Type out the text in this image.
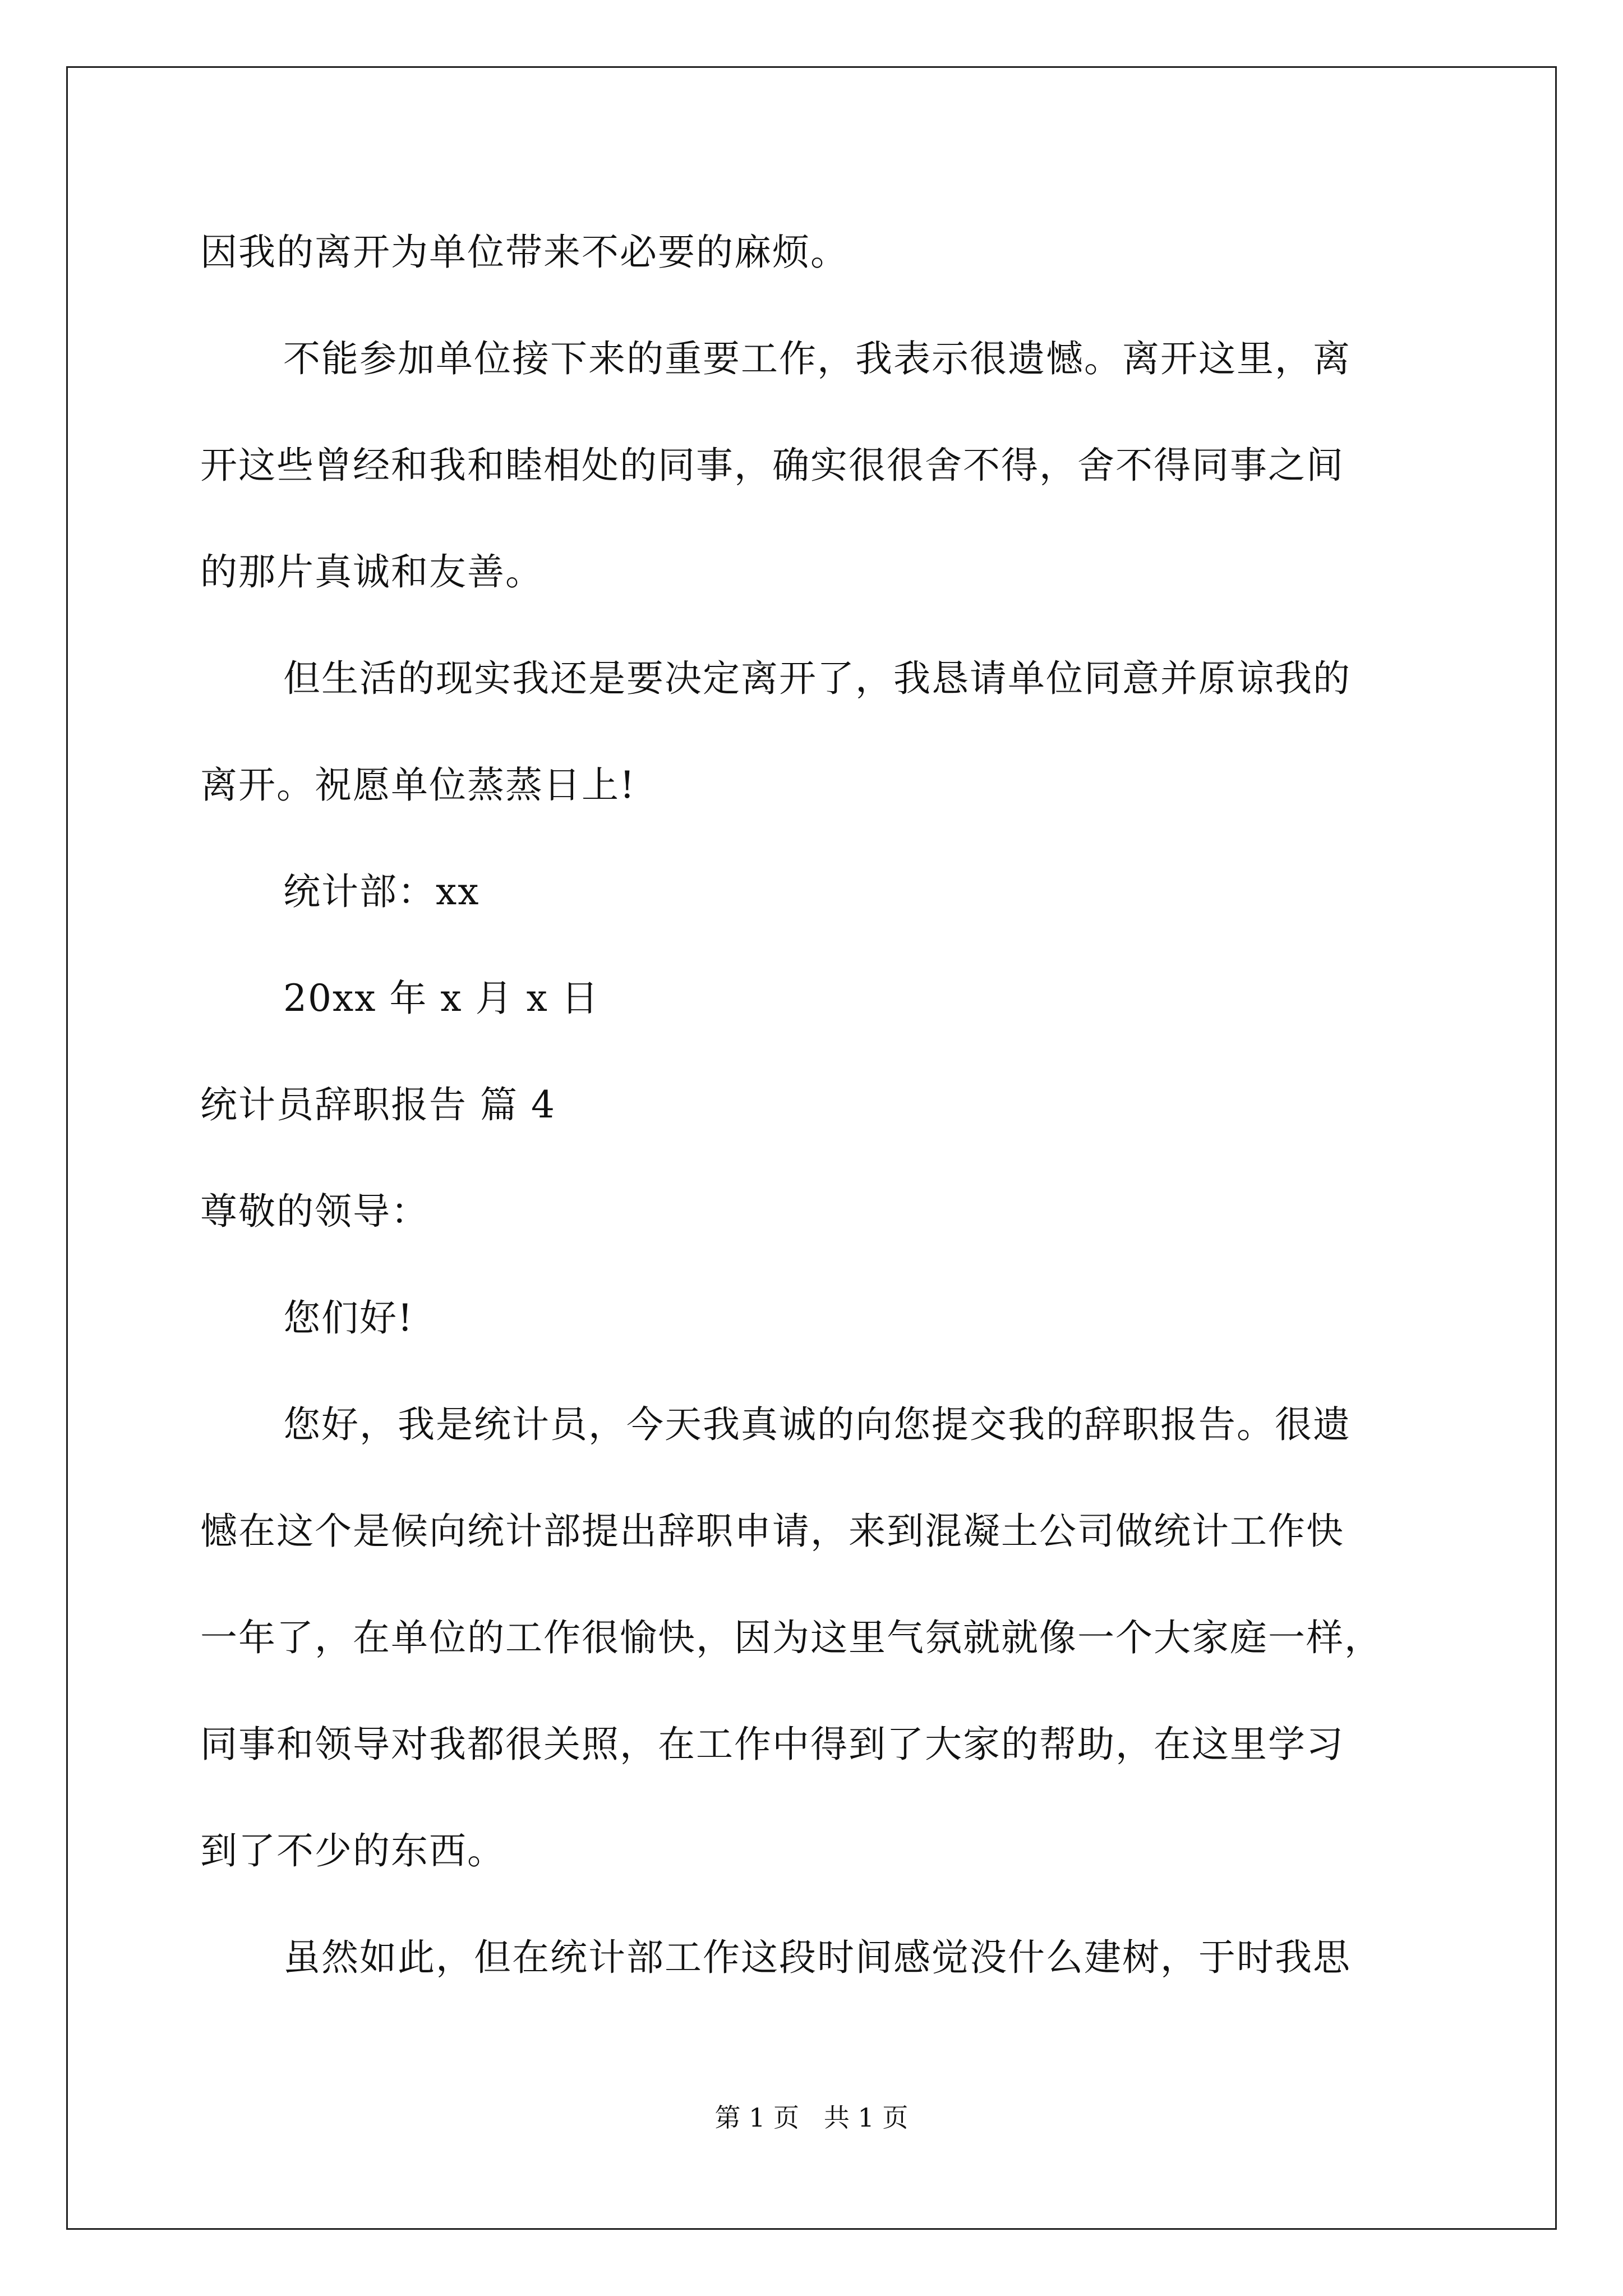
因我的离开为单位带来不必要的麻烦。
不能参加单位接下来的重要工作，我表示很遗憾。离开这里，离
开这些曾经和我和睦相处的同事，确实很很舍不得，舍不得同事之间
的那片真诚和友善。
但生活的现实我还是要决定离开了，我恳请单位同意并原谅我的
离开。祝愿单位蒸蒸日上!
统计部：xx
20xx 年 x 月 x 日
统计员辞职报告 篇 4
尊敬的领导：
您们好!
您好，我是统计员，今天我真诚的向您提交我的辞职报告。很遗
憾在这个是候向统计部提出辞职申请，来到混凝土公司做统计工作快
一年了，在单位的工作很愉快，因为这里气氛就就像一个大家庭一样，
同事和领导对我都很关照，在工作中得到了大家的帮助，在这里学习
到了不少的东西。
虽然如此，但在统计部工作这段时间感觉没什么建树，于时我思
第 1 页   共 1 页
